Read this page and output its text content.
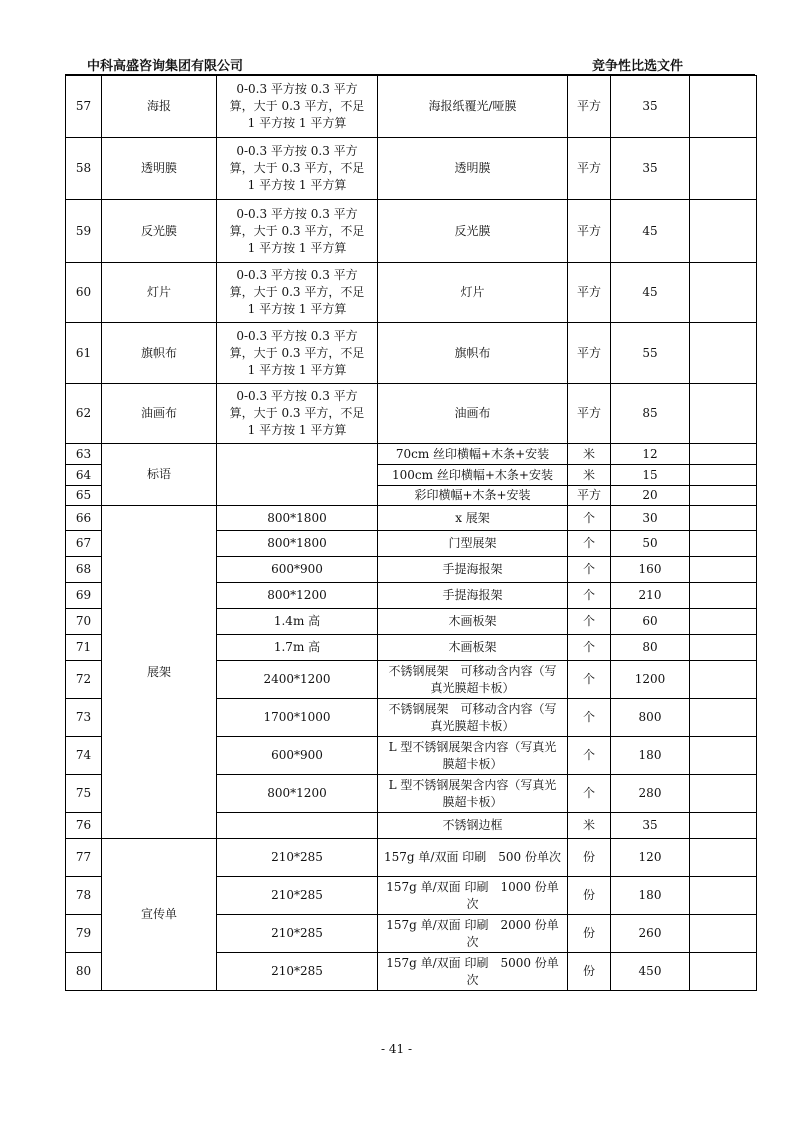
中科高盛咨询集团有限公司	竞争性比选文件
57	海报	0-0.3 平方按 0.3 平方算，大于 0.3 平方，不足 1 平方按 1 平方算	海报纸覆光/哑膜	平方	35	
58	透明膜	0-0.3 平方按 0.3 平方算，大于 0.3 平方，不足 1 平方按 1 平方算	透明膜	平方	35	
59	反光膜	0-0.3 平方按 0.3 平方算，大于 0.3 平方，不足 1 平方按 1 平方算	反光膜	平方	45	
60	灯片	0-0.3 平方按 0.3 平方算，大于 0.3 平方，不足 1 平方按 1 平方算	灯片	平方	45	
61	旗帜布	0-0.3 平方按 0.3 平方算，大于 0.3 平方，不足 1 平方按 1 平方算	旗帜布	平方	55	
62	油画布	0-0.3 平方按 0.3 平方算，大于 0.3 平方，不足 1 平方按 1 平方算	油画布	平方	85	
63	标语		70cm 丝印横幅+木条+安装	米	12	
64			100cm 丝印横幅+木条+安装	米	15	
65			彩印横幅+木条+安装	平方	20	
66	展架	800*1800	x 展架	个	30	
67		800*1800	门型展架	个	50	
68		600*900	手提海报架	个	160	
69		800*1200	手提海报架	个	210	
70		1.4m 高	木画板架	个	60	
71		1.7m 高	木画板架	个	80	
72		2400*1200	不锈钢展架　可移动含内容（写真光膜超卡板）	个	1200	
73		1700*1000	不锈钢展架　可移动含内容（写真光膜超卡板）	个	800	
74		600*900	L 型不锈钢展架含内容（写真光膜超卡板）	个	180	
75		800*1200	L 型不锈钢展架含内容（写真光膜超卡板）	个	280	
76			不锈钢边框	米	35	
77	宣传单	210*285	157g 单/双面 印刷　500 份单次	份	120	
78		210*285	157g 单/双面 印刷　1000 份单次	份	180	
79		210*285	157g 单/双面 印刷　2000 份单次	份	260	
80		210*285	157g 单/双面 印刷　5000 份单次	份	450	
- 41 -
